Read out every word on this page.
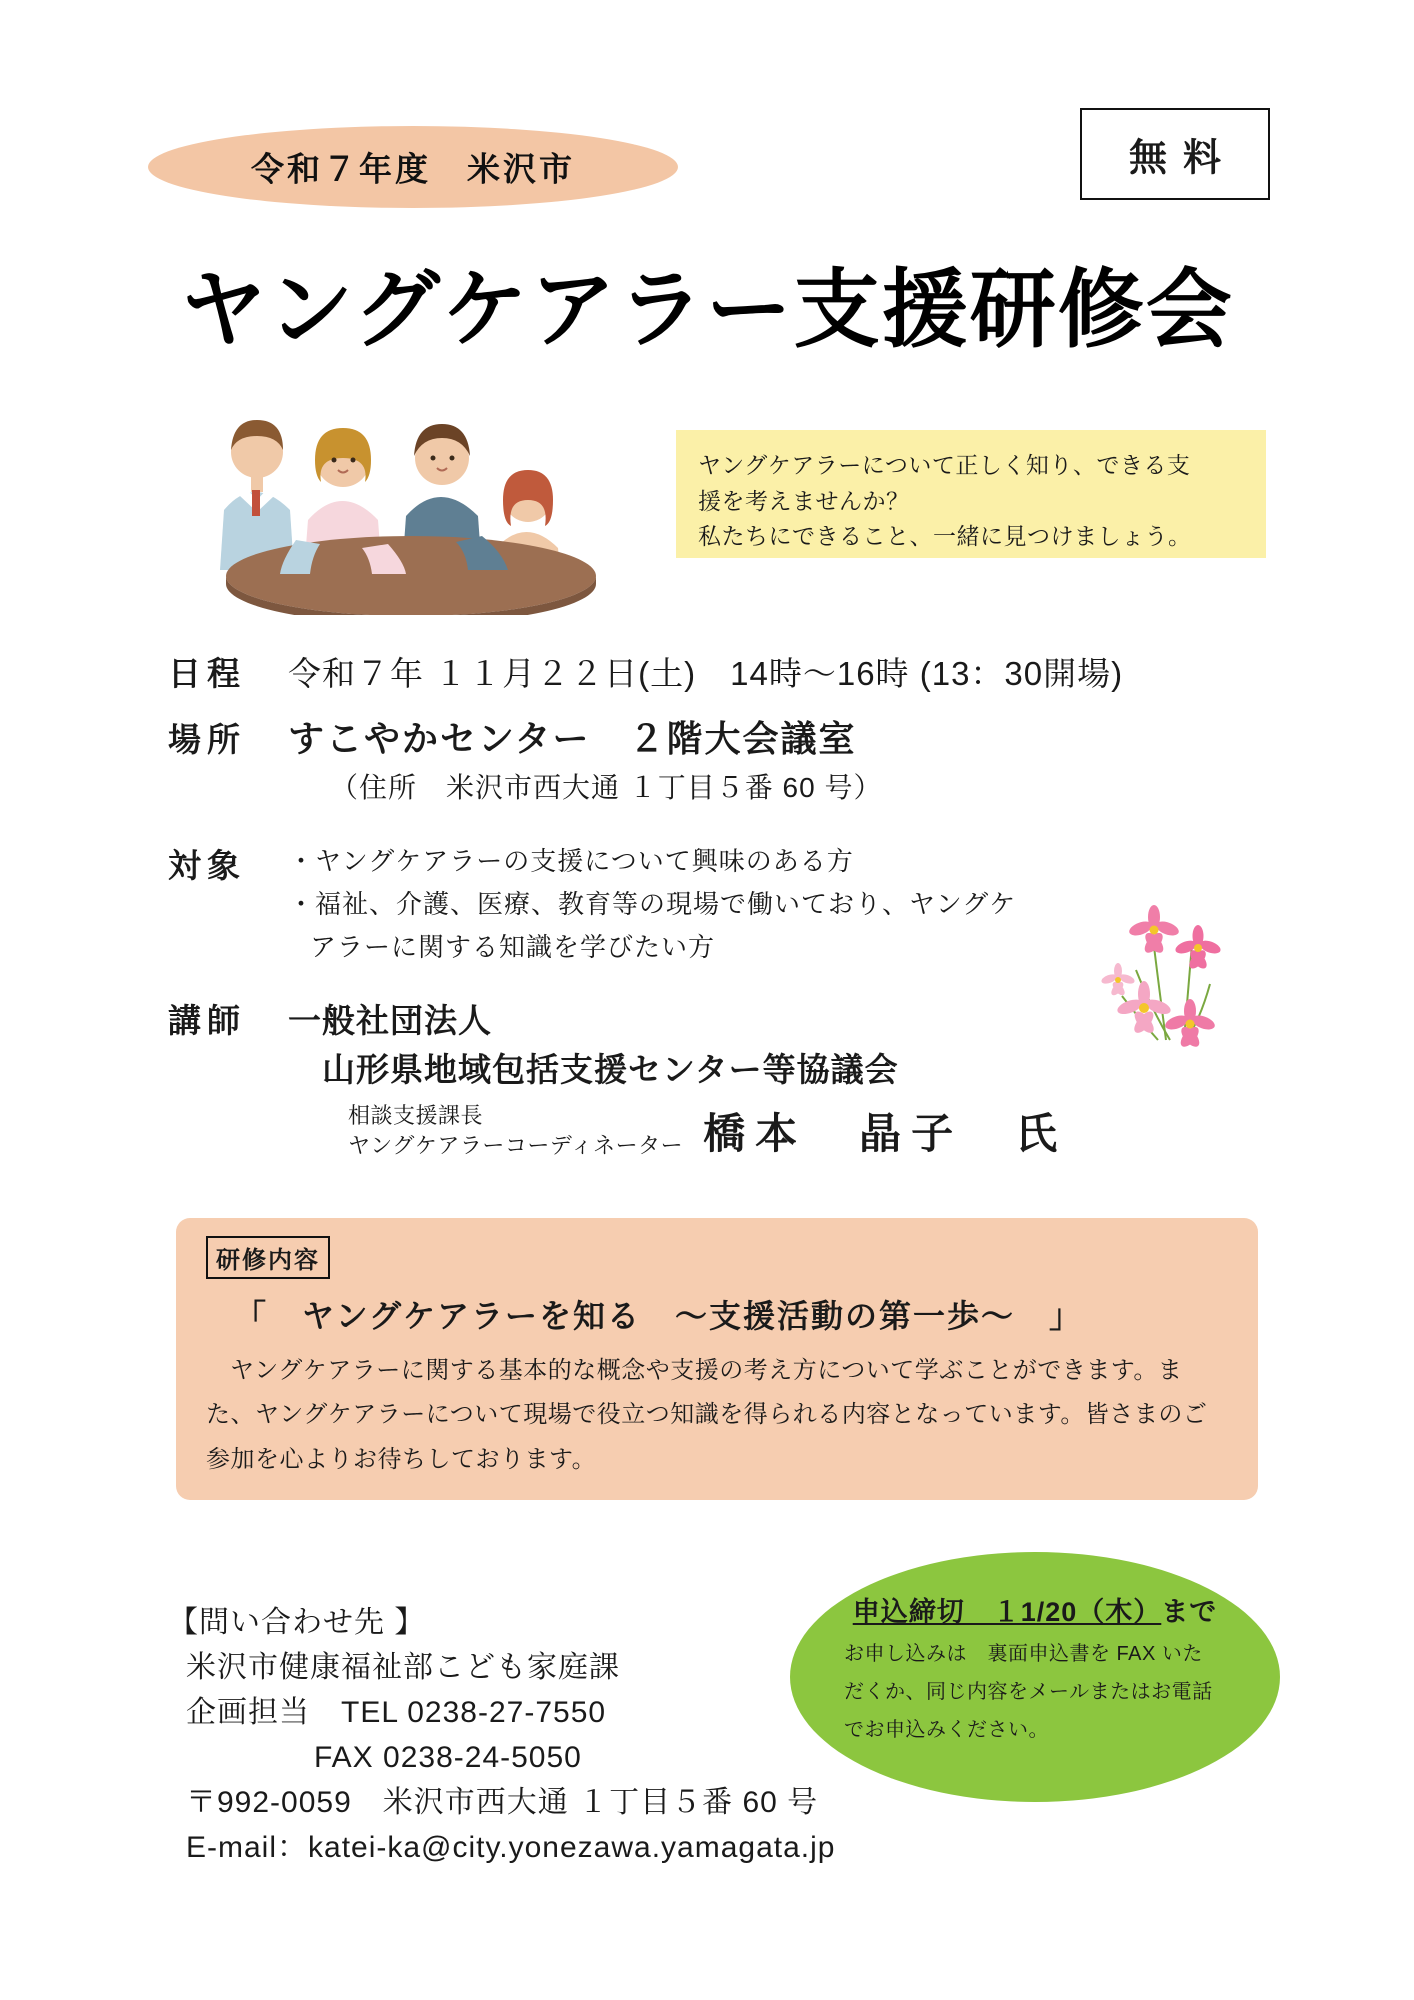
令和７年度　米沢市	無料
ヤングケアラー支援研修会
ヤングケアラーについて正しく知り、できる支
援を考えませんか？
私たちにできること、一緒に見つけましょう。
日程	令和７年 １１月２２日(土)　14時〜16時 (13：30開場)
場所	すこやかセンター　２階大会議室
（住所　米沢市西大通 １丁目５番 60 号）
対象	・ヤングケアラーの支援について興味のある方
・福祉、介護、医療、教育等の現場で働いており、ヤングケ
アラーに関する知識を学びたい方
講師	一般社団法人
山形県地域包括支援センター等協議会
相談支援課長
ヤングケアラーコーディネーター 橋本　晶子　氏
研修内容
「　ヤングケアラーを知る　〜支援活動の第一歩〜　」
ヤングケアラーに関する基本的な概念や支援の考え方について学ぶことができます。ま
た、ヤングケアラーについて現場で役立つ知識を得られる内容となっています。皆さまのご
参加を心よりお待ちしております。
【問い合わせ先 】
米沢市健康福祉部こども家庭課
企画担当　TEL 0238-27-7550
FAX 0238-24-5050
〒992-0059　米沢市西大通 １丁目５番 60 号
E-mail：katei-ka@city.yonezawa.yamagata.jp
申込締切　１1/20（木）まで
お申し込みは　裏面申込書を FAX いた
だくか、同じ内容をメールまたはお電話
でお申込みください。
